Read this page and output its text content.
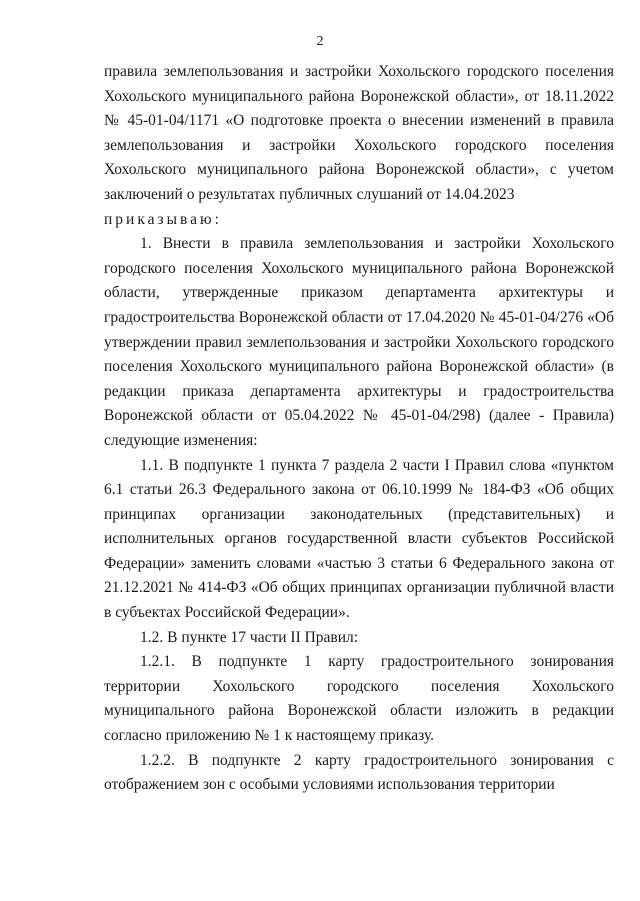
2

правила землепользования и застройки Хохольского городского поселения Хохольского муниципального района Воронежской области», от 18.11.2022 № 45-01-04/1171 «О подготовке проекта о внесении изменений в правила землепользования и застройки Хохольского городского поселения Хохольского муниципального района Воронежской области», с учетом заключений о результатах публичных слушаний от 14.04.2023

приказываю:

1. Внести в правила землепользования и застройки Хохольского городского поселения Хохольского муниципального района Воронежской области, утвержденные приказом департамента архитектуры и градостроительства Воронежской области от 17.04.2020 № 45-01-04/276 «Об утверждении правил землепользования и застройки Хохольского городского поселения Хохольского муниципального района Воронежской области» (в редакции приказа департамента архитектуры и градостроительства Воронежской области от 05.04.2022 № 45-01-04/298) (далее - Правила) следующие изменения:

1.1. В подпункте 1 пункта 7 раздела 2 части I Правил слова «пунктом 6.1 статьи 26.3 Федерального закона от 06.10.1999 № 184-ФЗ «Об общих принципах организации законодательных (представительных) и исполнительных органов государственной власти субъектов Российской Федерации» заменить словами «частью 3 статьи 6 Федерального закона от 21.12.2021 № 414-ФЗ «Об общих принципах организации публичной власти в субъектах Российской Федерации».

1.2. В пункте 17 части II Правил:

1.2.1. В подпункте 1 карту градостроительного зонирования территории Хохольского городского поселения Хохольского муниципального района Воронежской области изложить в редакции согласно приложению № 1 к настоящему приказу.

1.2.2. В подпункте 2 карту градостроительного зонирования с отображением зон с особыми условиями использования территории
